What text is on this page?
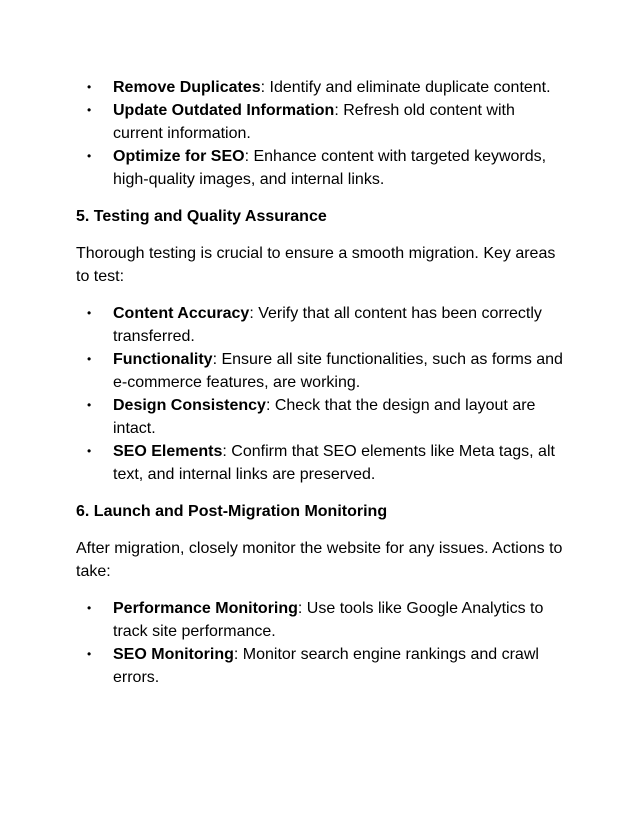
• Remove Duplicates: Identify and eliminate duplicate content.
• Update Outdated Information: Refresh old content with current information.
• Optimize for SEO: Enhance content with targeted keywords, high-quality images, and internal links.
5. Testing and Quality Assurance

Thorough testing is crucial to ensure a smooth migration. Key areas to test:

• Content Accuracy: Verify that all content has been correctly transferred.
• Functionality: Ensure all site functionalities, such as forms and e-commerce features, are working.
• Design Consistency: Check that the design and layout are intact.
• SEO Elements: Confirm that SEO elements like Meta tags, alt text, and internal links are preserved.
6. Launch and Post-Migration Monitoring

After migration, closely monitor the website for any issues. Actions to take:

• Performance Monitoring: Use tools like Google Analytics to track site performance.
• SEO Monitoring: Monitor search engine rankings and crawl errors.
